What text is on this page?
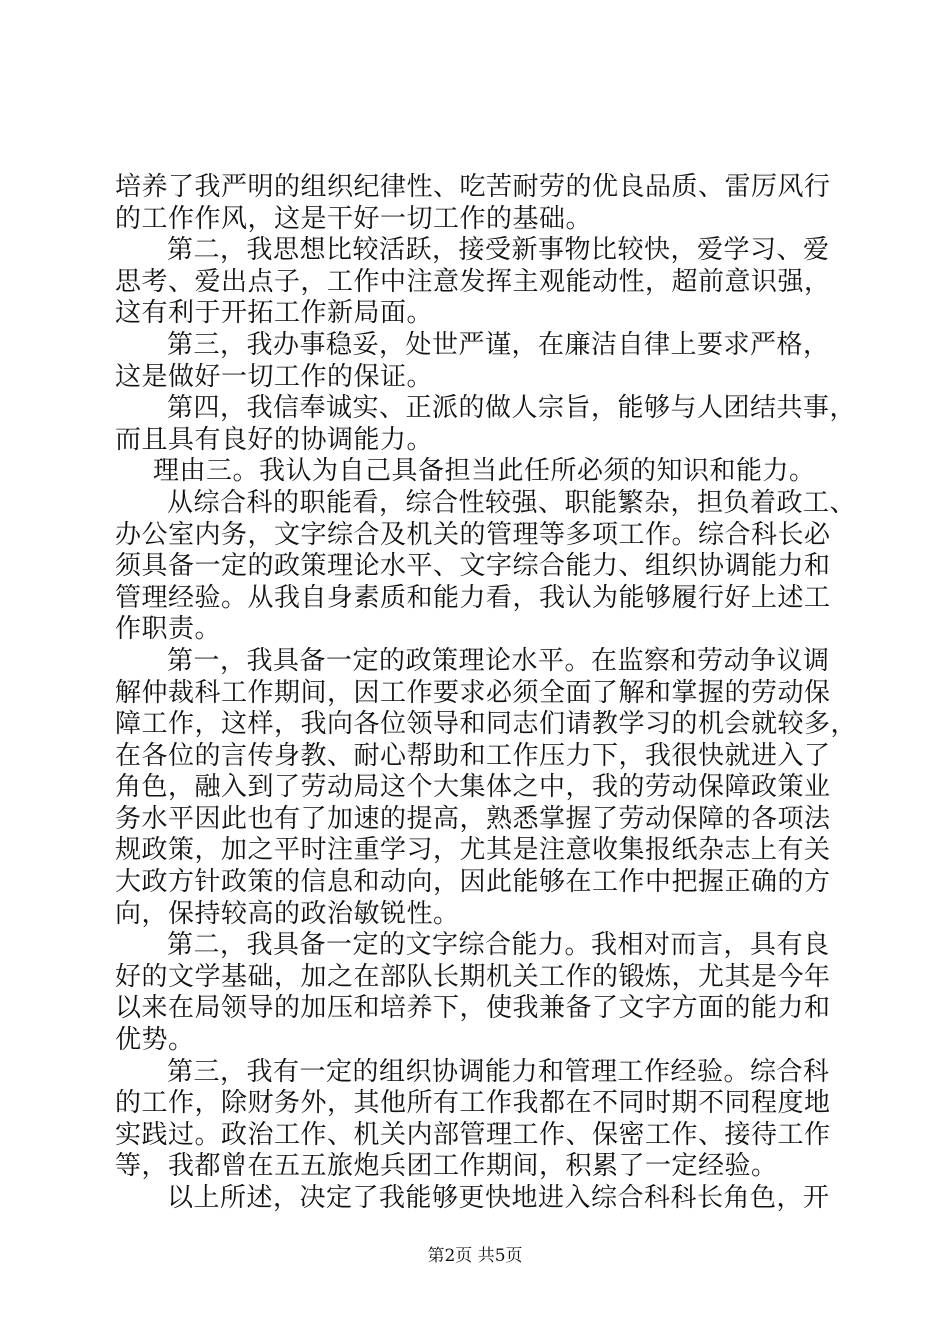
培养了我严明的组织纪律性、吃苦耐劳的优良品质、雷厉风行
的工作作风，这是干好一切工作的基础。
第二，我思想比较活跃，接受新事物比较快，爱学习、爱
思考、爱出点子，工作中注意发挥主观能动性，超前意识强，
这有利于开拓工作新局面。
第三，我办事稳妥，处世严谨，在廉洁自律上要求严格，
这是做好一切工作的保证。
第四，我信奉诚实、正派的做人宗旨，能够与人团结共事，
而且具有良好的协调能力。
理由三。我认为自己具备担当此任所必须的知识和能力。
从综合科的职能看，综合性较强、职能繁杂，担负着政工、
办公室内务，文字综合及机关的管理等多项工作。综合科长必
须具备一定的政策理论水平、文字综合能力、组织协调能力和
管理经验。从我自身素质和能力看，我认为能够履行好上述工
作职责。
第一，我具备一定的政策理论水平。在监察和劳动争议调
解仲裁科工作期间，因工作要求必须全面了解和掌握的劳动保
障工作，这样，我向各位领导和同志们请教学习的机会就较多，
在各位的言传身教、耐心帮助和工作压力下，我很快就进入了
角色，融入到了劳动局这个大集体之中，我的劳动保障政策业
务水平因此也有了加速的提高，熟悉掌握了劳动保障的各项法
规政策，加之平时注重学习，尤其是注意收集报纸杂志上有关
大政方针政策的信息和动向，因此能够在工作中把握正确的方
向，保持较高的政治敏锐性。
第二，我具备一定的文字综合能力。我相对而言，具有良
好的文学基础，加之在部队长期机关工作的锻炼，尤其是今年
以来在局领导的加压和培养下，使我兼备了文字方面的能力和
优势。
第三，我有一定的组织协调能力和管理工作经验。综合科
的工作，除财务外，其他所有工作我都在不同时期不同程度地
实践过。政治工作、机关内部管理工作、保密工作、接待工作
等，我都曾在五五旅炮兵团工作期间，积累了一定经验。
以上所述，决定了我能够更快地进入综合科科长角色，开
第2页 共5页
